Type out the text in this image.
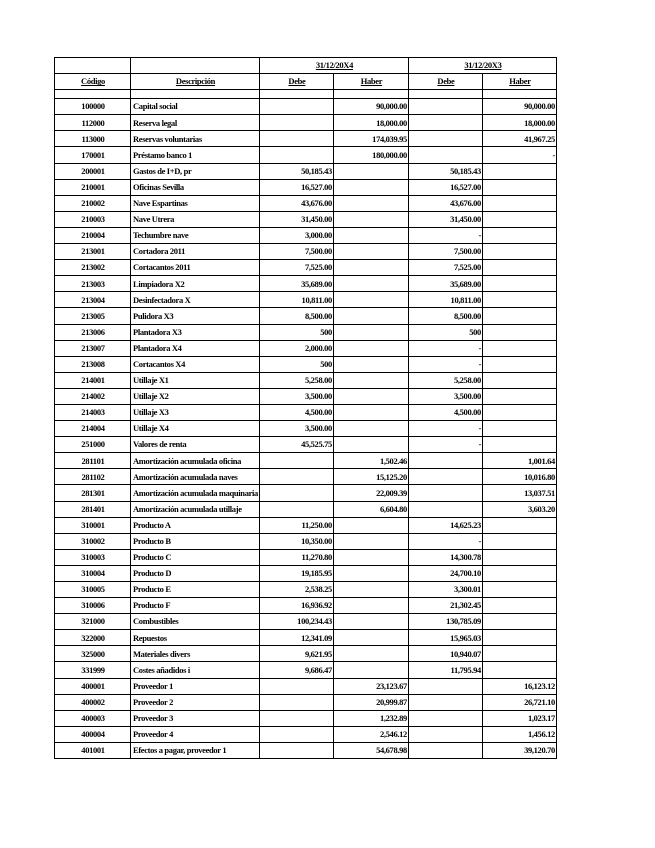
		31/12/20X4		31/12/20X3	
Código	Descripción	Debe	Haber	Debe	Haber

100000	Capital social		90,000.00		90,000.00
112000	Reserva legal		18,000.00		18,000.00
113000	Reservas voluntarias		174,039.95		41,967.25
170001	Préstamo banco 1		180,000.00		-
200001	Gastos de I+D, pr	50,185.43		50,185.43	
210001	Oficinas Sevilla	16,527.00		16,527.00	
210002	Nave Espartinas	43,676.00		43,676.00	
210003	Nave Utrera	31,450.00		31,450.00	
210004	Techumbre nave	3,000.00		-	
213001	Cortadora 2011	7,500.00		7,500.00	
213002	Cortacantos 2011	7,525.00		7,525.00	
213003	Limpiadora X2	35,689.00		35,689.00	
213004	Desinfectadora X	10,811.00		10,811.00	
213005	Pulidora X3	8,500.00		8,500.00	
213006	Plantadora X3	500		500	
213007	Plantadora X4	2,000.00		-	
213008	Cortacantos X4	500		-	
214001	Utillaje X1	5,258.00		5,258.00	
214002	Utillaje X2	3,500.00		3,500.00	
214003	Utillaje X3	4,500.00		4,500.00	
214004	Utillaje X4	3,500.00		-	
251000	Valores de renta	45,525.75		-	
281101	Amortización acumulada oficina		1,502.46		1,001.64
281102	Amortización acumulada naves		15,125.20		10,016.80
281301	Amortización acumulada maquinaria		22,009.39		13,037.51
281401	Amortización acumulada utillaje		6,604.80		3,603.20
310001	Producto A	11,250.00		14,625.23	
310002	Producto B	10,350.00		-	
310003	Producto C	11,270.80		14,300.78	
310004	Producto D	19,185.95		24,700.10	
310005	Producto E	2,538.25		3,300.01	
310006	Producto F	16,936.92		21,302.45	
321000	Combustibles	100,234.43		130,785.09	
322000	Repuestos	12,341.09		15,965.03	
325000	Materiales divers	9,621.95		10,940.07	
331999	Costes añadidos i	9,686.47		11,795.94	
400001	Proveedor 1		23,123.67		16,123.12
400002	Proveedor 2		20,999.87		26,721.10
400003	Proveedor 3		1,232.89		1,023.17
400004	Proveedor 4		2,546.12		1,456.12
401001	Efectos a pagar, proveedor 1		54,678.98		39,120.70
